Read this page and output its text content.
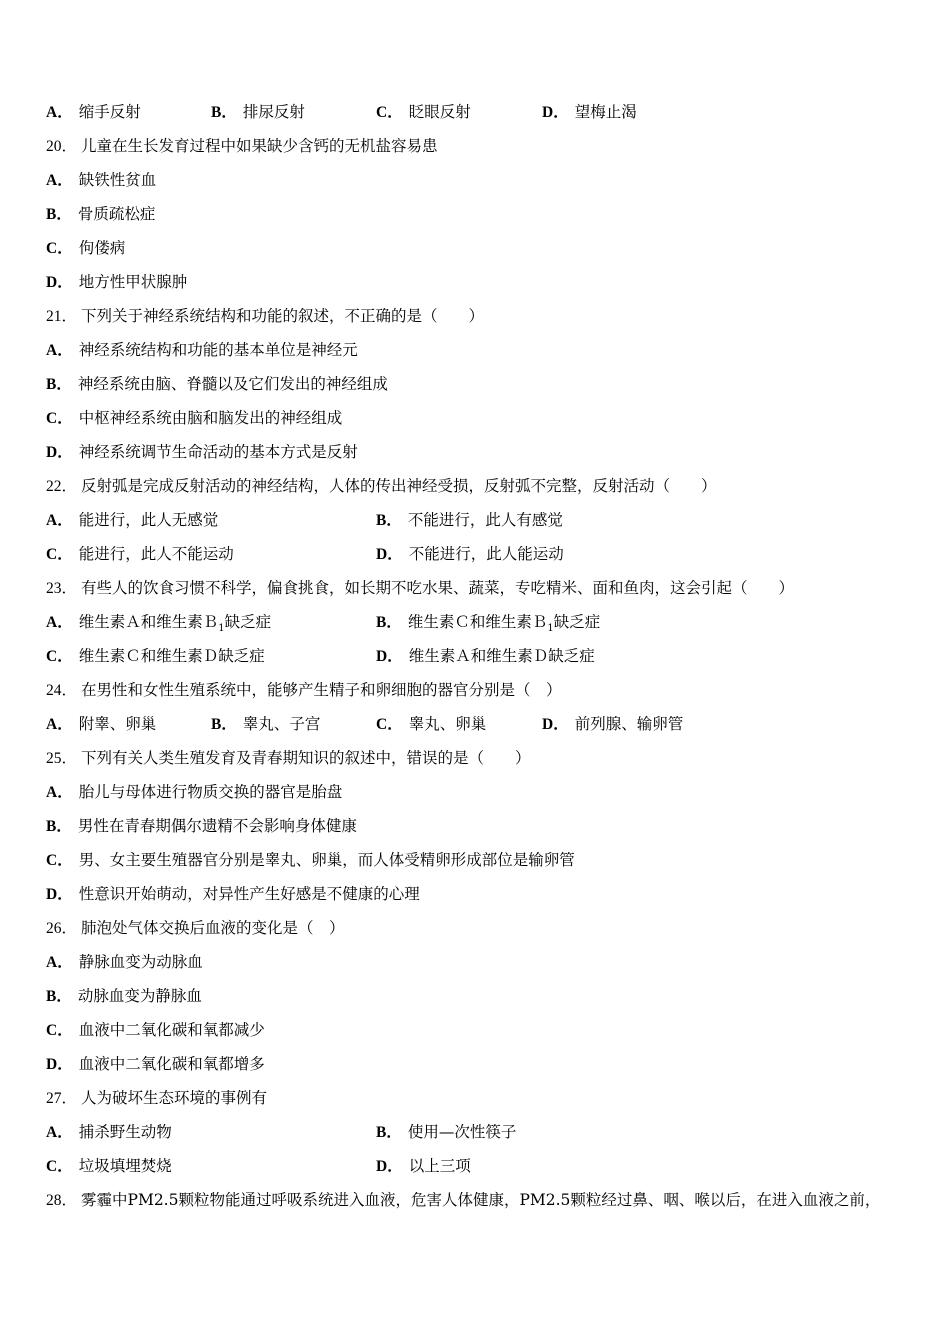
A． 缩手反射	B． 排尿反射	C． 眨眼反射	D． 望梅止渴
20． 儿童在生长发育过程中如果缺少含钙的无机盐容易患
A． 缺铁性贫血
B． 骨质疏松症
C． 佝偻病
D． 地方性甲状腺肿
21． 下列关于神经系统结构和功能的叙述，不正确的是（　　）
A． 神经系统结构和功能的基本单位是神经元
B． 神经系统由脑、脊髓以及它们发出的神经组成
C． 中枢神经系统由脑和脑发出的神经组成
D． 神经系统调节生命活动的基本方式是反射
22． 反射弧是完成反射活动的神经结构，人体的传出神经受损，反射弧不完整，反射活动（　　）
A． 能进行，此人无感觉	B． 不能进行，此人有感觉
C． 能进行，此人不能运动	D． 不能进行，此人能运动
23． 有些人的饮食习惯不科学，偏食挑食，如长期不吃水果、蔬菜，专吃精米、面和鱼肉，这会引起（　　）
A． 维生素Ａ和维生素Ｂ$_1$缺乏症	B． 维生素Ｃ和维生素Ｂ$_1$缺乏症
C． 维生素Ｃ和维生素Ｄ缺乏症	D． 维生素Ａ和维生素Ｄ缺乏症
24． 在男性和女性生殖系统中，能够产生精子和卵细胞的器官分别是（　）
A． 附睾、卵巢	B． 睾丸、子宫	C． 睾丸、卵巢	D． 前列腺、输卵管
25． 下列有关人类生殖发育及青春期知识的叙述中，错误的是（　　）
A． 胎儿与母体进行物质交换的器官是胎盘
B． 男性在青春期偶尔遗精不会影响身体健康
C． 男、女主要生殖器官分别是睾丸、卵巢，而人体受精卵形成部位是输卵管
D． 性意识开始萌动，对异性产生好感是不健康的心理
26． 肺泡处气体交换后血液的变化是（　）
A． 静脉血变为动脉血
B． 动脉血变为静脉血
C． 血液中二氧化碳和氧都减少
D． 血液中二氧化碳和氧都增多
27． 人为破坏生态环境的事例有
A． 捕杀野生动物	B． 使用—次性筷子
C． 垃圾填埋焚烧	D． 以上三项
28． 雾霾中PM2.5颗粒物能通过呼吸系统进入血液，危害人体健康，PM2.5颗粒经过鼻、咽、喉以后，在进入血液之前，
